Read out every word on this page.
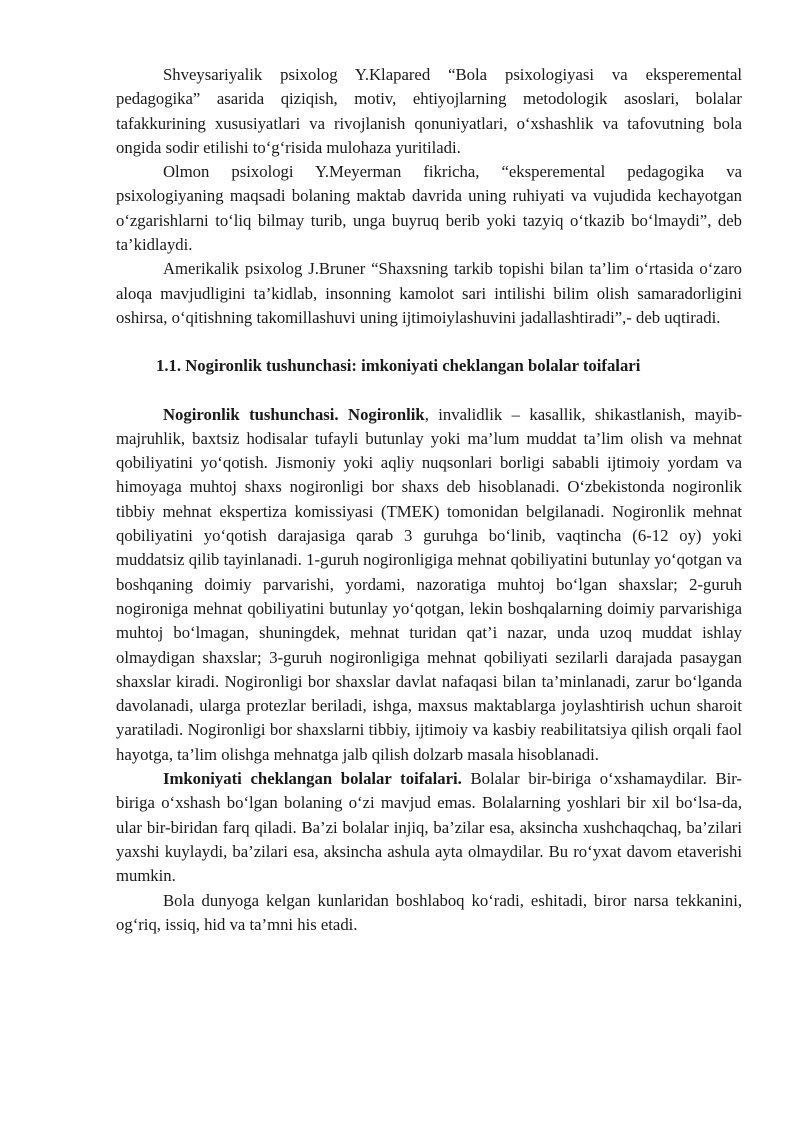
Shveysariyalik psixolog Y.Klapared “Bola psixologiyasi va eksperemental pedagogika” asarida qiziqish, motiv, ehtiyojlarning metodologik asoslari, bolalar tafakkurining xususiyatlari va rivojlanish qonuniyatlari, o‘xshashlik va tafovutning bola ongida sodir etilishi to‘g‘risida mulohaza yuritiladi.

Olmon psixologi Y.Meyerman fikricha, “eksperemental pedagogika va psixologiyaning maqsadi bolaning maktab davrida uning ruhiyati va vujudida kechayotgan o‘zgarishlarni to‘liq bilmay turib, unga buyruq berib yoki tazyiq o‘tkazib bo‘lmaydi”, deb ta’kidlaydi.

Amerikalik psixolog J.Bruner “Shaxsning tarkib topishi bilan ta’lim o‘rtasida o‘zaro aloqa mavjudligini ta’kidlab, insonning kamolot sari intilishi bilim olish samaradorligini oshirsa, o‘qitishning takomillashuvi uning ijtimoiylashuvini jadallashtiradi”,- deb uqtiradi.

1.1. Nogironlik tushunchasi: imkoniyati cheklangan bolalar toifalari

Nogironlik tushunchasi. Nogironlik, invalidlik – kasallik, shikastlanish, mayib-majruhlik, baxtsiz hodisalar tufayli butunlay yoki ma’lum muddat ta’lim olish va mehnat qobiliyatini yo‘qotish. Jismoniy yoki aqliy nuqsonlari borligi sababli ijtimoiy yordam va himoyaga muhtoj shaxs nogironligi bor shaxs deb hisoblanadi. O‘zbekistonda nogironlik tibbiy mehnat ekspertiza komissiyasi (TMEK) tomonidan belgilanadi. Nogironlik mehnat qobiliyatini yo‘qotish darajasiga qarab 3 guruhga bo‘linib, vaqtincha (6-12 oy) yoki muddatsiz qilib tayinlanadi. 1-guruh nogironligiga mehnat qobiliyatini butunlay yo‘qotgan va boshqaning doimiy parvarishi, yordami, nazoratiga muhtoj bo‘lgan shaxslar; 2-guruh nogironiga mehnat qobiliyatini butunlay yo‘qotgan, lekin boshqalarning doimiy parvarishiga muhtoj bo‘lmagan, shuningdek, mehnat turidan qat’i nazar, unda uzoq muddat ishlay olmaydigan shaxslar; 3-guruh nogironligiga mehnat qobiliyati sezilarli darajada pasaygan shaxslar kiradi. Nogironligi bor shaxslar davlat nafaqasi bilan ta’minlanadi, zarur bo‘lganda davolanadi, ularga protezlar beriladi, ishga, maxsus maktablarga joylashtirish uchun sharoit yaratiladi. Nogironligi bor shaxslarni tibbiy, ijtimoiy va kasbiy reabilitatsiya qilish orqali faol hayotga, ta’lim olishga mehnatga jalb qilish dolzarb masala hisoblanadi.

Imkoniyati cheklangan bolalar toifalari. Bolalar bir-biriga o‘xshamaydilar. Bir-biriga o‘xshash bo‘lgan bolaning o‘zi mavjud emas. Bolalarning yoshlari bir xil bo‘lsa-da, ular bir-biridan farq qiladi. Ba’zi bolalar injiq, ba’zilar esa, aksincha xushchaqchaq, ba’zilari yaxshi kuylaydi, ba’zilari esa, aksincha ashula ayta olmaydilar. Bu ro‘yxat davom etaverishi mumkin.

Bola dunyoga kelgan kunlaridan boshlaboq ko‘radi, eshitadi, biror narsa tekkanini, og‘riq, issiq, hid va ta’mni his etadi.
